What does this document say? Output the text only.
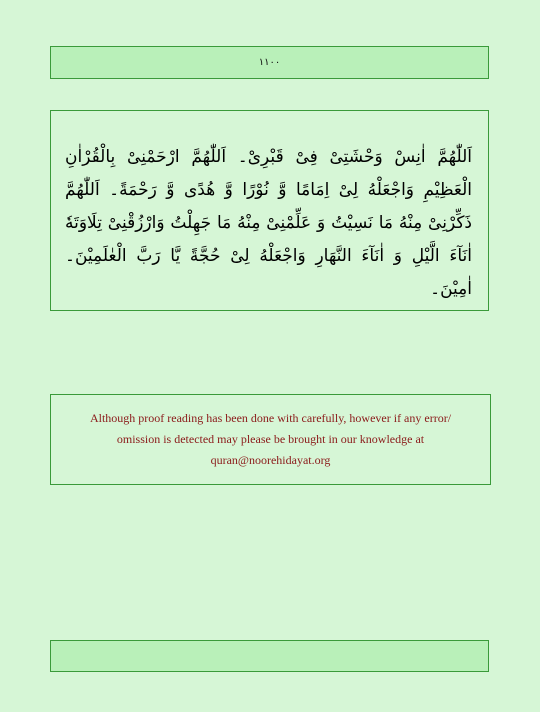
١١٠٠

اَللّٰهُمَّ اٰنِسْ وَحْشَتِیْ فِیْ قَبْرِیْ۔ اَللّٰهُمَّ ارْحَمْنِیْ بِالْقُرْاٰنِ الْعَظِیْمِ وَاجْعَلْهُ لِیْ اِمَامًا وَّ نُوْرًا وَّ هُدًی وَّ رَحْمَةً۔ اَللّٰهُمَّ ذَكِّرْنِیْ مِنْهُ مَا نَسِیْتُ وَ عَلِّمْنِیْ مِنْهُ مَا جَهِلْتُ وَارْزُقْنِیْ تِلَاوَتَهٗ اٰنَآءَ الَّیْلِ وَ اٰنَآءَ النَّهَارِ وَاجْعَلْهُ لِیْ حُجَّةً یَّا رَبَّ الْعٰلَمِیْنَ۔ اٰمِیْنَ۔

Although proof reading has been done with carefully, however if any error/
omission is detected may please be brought in our knowledge at
quran@noorehidayat.org
